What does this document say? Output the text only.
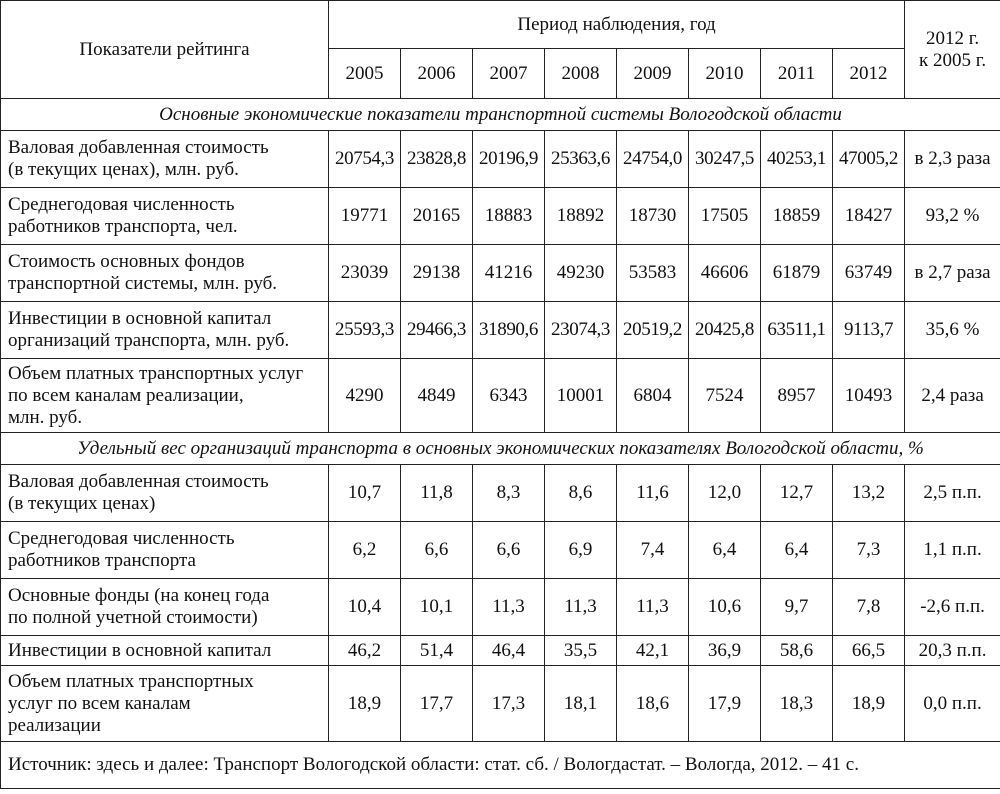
Показатели рейтинга	Период наблюдения, год								2012 г.
к 2005 г.

	2005	2006	2007	2008	2009	2010	2011	2012	
Основные экономические показатели транспортной системы Вологодской области									

Валовая добавленная стоимость
(в текущих ценах), млн. руб.	20754,3	23828,8	20196,9	25363,6	24754,0	30247,5	40253,1	47005,2	в 2,3 раза

Среднегодовая численность
работников транспорта, чел.	19771	20165	18883	18892	18730	17505	18859	18427	93,2 %

Стоимость основных фондов
транспортной системы, млн. руб.	23039	29138	41216	49230	53583	46606	61879	63749	в 2,7 раза

Инвестиции в основной капитал
организаций транспорта, млн. руб.	25593,3	29466,3	31890,6	23074,3	20519,2	20425,8	63511,1	9113,7	35,6 %

Объем платных транспортных услуг
по всем каналам реализации,
млн. руб.	4290	4849	6343	10001	6804	7524	8957	10493	2,4 раза
Удельный вес организаций транспорта в основных экономических показателях Вологодской области, %									

Валовая добавленная стоимость
(в текущих ценах)	10,7	11,8	8,3	8,6	11,6	12,0	12,7	13,2	2,5 п.п.

Среднегодовая численность
работников транспорта	6,2	6,6	6,6	6,9	7,4	6,4	6,4	7,3	1,1 п.п.

Основные фонды (на конец года
по полной учетной стоимости)	10,4	10,1	11,3	11,3	11,3	10,6	9,7	7,8	-2,6 п.п.

Инвестиции в основной капитал	46,2	51,4	46,4	35,5	42,1	36,9	58,6	66,5	20,3 п.п.

Объем платных транспортных
услуг по всем каналам
реализации	18,9	17,7	17,3	18,1	18,6	17,9	18,3	18,9	0,0 п.п.
Источник: здесь и далее: Транспорт Вологодской области: стат. сб. / Вологдастат. – Вологда, 2012. – 41 с.									
